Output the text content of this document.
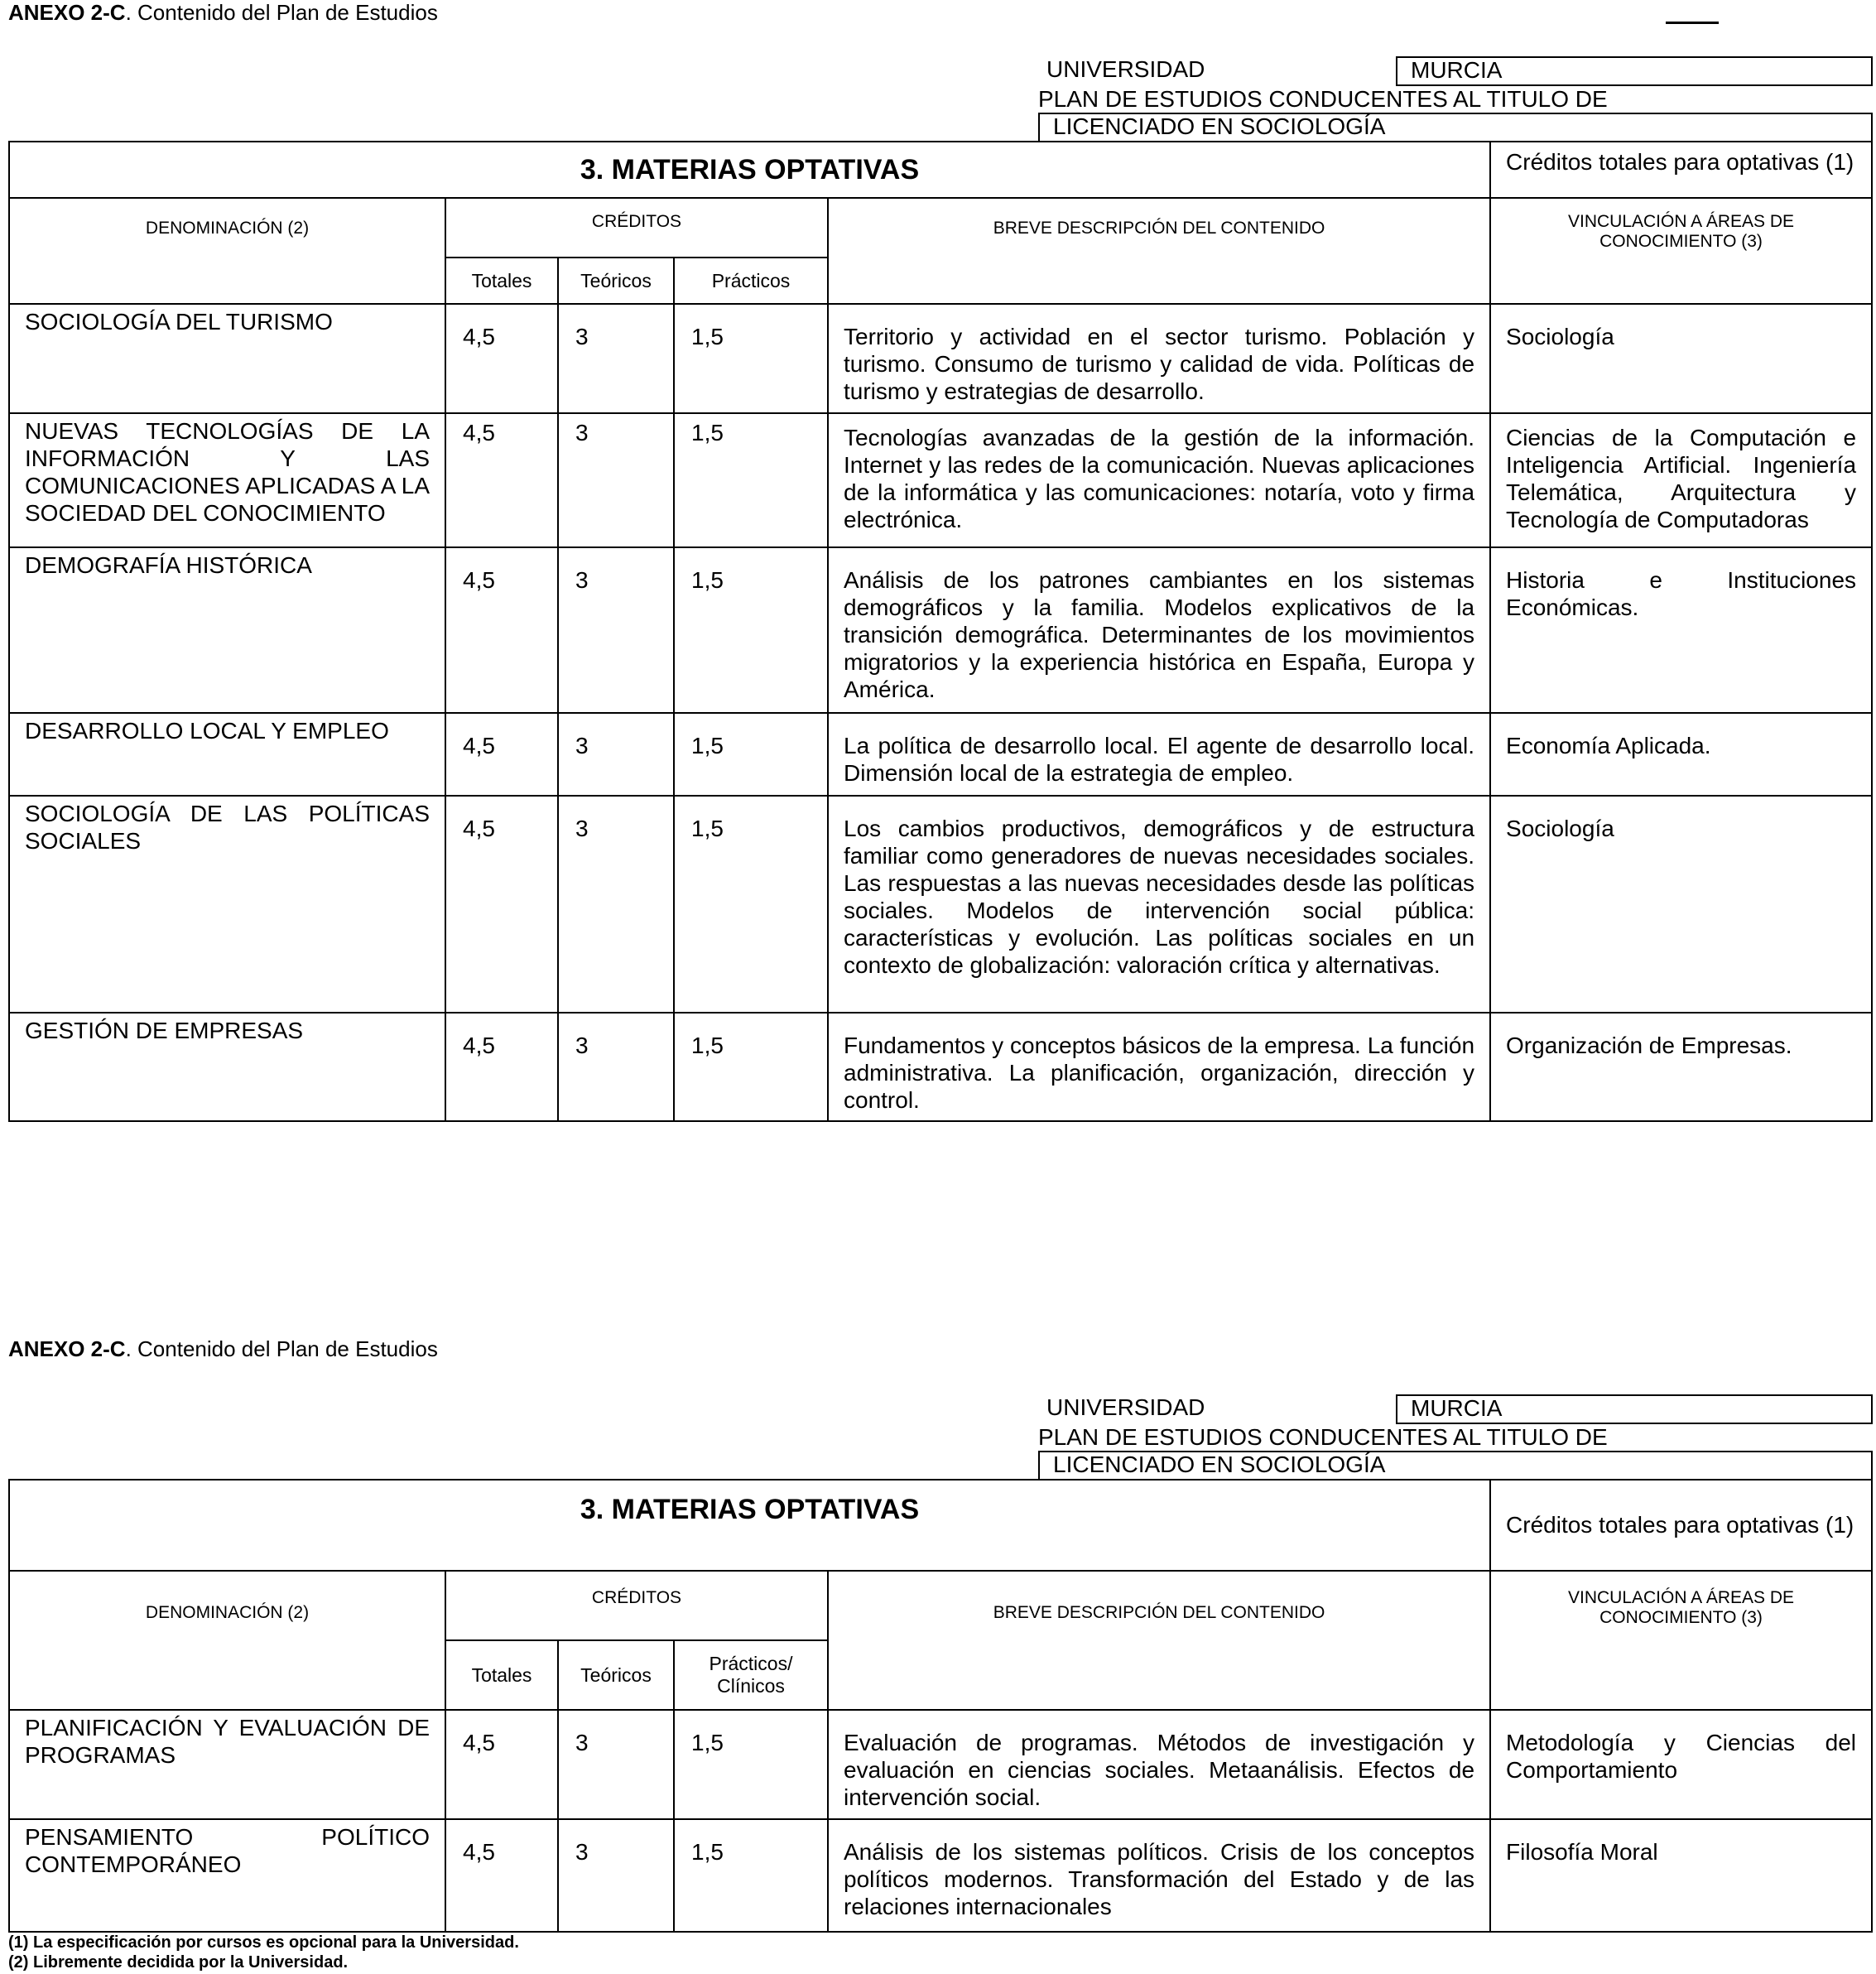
ANEXO 2-C. Contenido del Plan de Estudios
UNIVERSIDAD	MURCIA
PLAN DE ESTUDIOS CONDUCENTES AL TITULO DE
LICENCIADO EN SOCIOLOGÍA
3. MATERIAS OPTATIVAS					Créditos totales para optativas (1)
DENOMINACIÓN (2)	CRÉDITOS			BREVE DESCRIPCIÓN DEL CONTENIDO	VINCULACIÓN A ÁREAS DE CONOCIMIENTO (3)
	Totales	Teóricos	Prácticos		
SOCIOLOGÍA DEL TURISMO	4,5	3	1,5	Territorio y actividad en el sector turismo. Población y turismo. Consumo de turismo y calidad de vida. Políticas de turismo y estrategias de desarrollo.	Sociología
NUEVAS TECNOLOGÍAS DE LA INFORMACIÓN Y LAS COMUNICACIONES APLICADAS A LA SOCIEDAD DEL CONOCIMIENTO	4,5	3	1,5	Tecnologías avanzadas de la gestión de la información. Internet y las redes de la comunicación. Nuevas aplicaciones de la informática y las comunicaciones: notaría, voto y firma electrónica.	Ciencias de la Computación e Inteligencia Artificial. Ingeniería Telemática, Arquitectura y Tecnología de Computadoras
DEMOGRAFÍA HISTÓRICA	4,5	3	1,5	Análisis de los patrones cambiantes en los sistemas demográficos y la familia. Modelos explicativos de la transición demográfica. Determinantes de los movimientos migratorios y la experiencia histórica en España, Europa y América.	Historia e Instituciones Económicas.
DESARROLLO LOCAL Y EMPLEO	4,5	3	1,5	La política de desarrollo local. El agente de desarrollo local. Dimensión local de la estrategia de empleo.	Economía Aplicada.
SOCIOLOGÍA DE LAS POLÍTICAS SOCIALES	4,5	3	1,5	Los cambios productivos, demográficos y de estructura familiar como generadores de nuevas necesidades sociales. Las respuestas a las nuevas necesidades desde las políticas sociales. Modelos de intervención social pública: características y evolución. Las políticas sociales en un contexto de globalización: valoración crítica y alternativas.	Sociología
GESTIÓN DE EMPRESAS	4,5	3	1,5	Fundamentos y conceptos básicos de la empresa. La función administrativa. La planificación, organización, dirección y control.	Organización de Empresas.
ANEXO 2-C. Contenido del Plan de Estudios
UNIVERSIDAD	MURCIA
PLAN DE ESTUDIOS CONDUCENTES AL TITULO DE
LICENCIADO EN SOCIOLOGÍA
3. MATERIAS OPTATIVAS					Créditos totales para optativas (1)
DENOMINACIÓN (2)	CRÉDITOS			BREVE DESCRIPCIÓN DEL CONTENIDO	VINCULACIÓN A ÁREAS DE CONOCIMIENTO (3)
	Totales	Teóricos	Prácticos/ Clínicos		
PLANIFICACIÓN Y EVALUACIÓN DE PROGRAMAS	4,5	3	1,5	Evaluación de programas. Métodos de investigación y evaluación en ciencias sociales. Metaanálisis. Efectos de intervención social.	Metodología y Ciencias del Comportamiento
PENSAMIENTO POLÍTICO CONTEMPORÁNEO	4,5	3	1,5	Análisis de los sistemas políticos. Crisis de los conceptos políticos modernos. Transformación del Estado y de las relaciones internacionales	Filosofía Moral
(1) La especificación por cursos es opcional para la Universidad.
(2) Libremente decidida por la Universidad.
